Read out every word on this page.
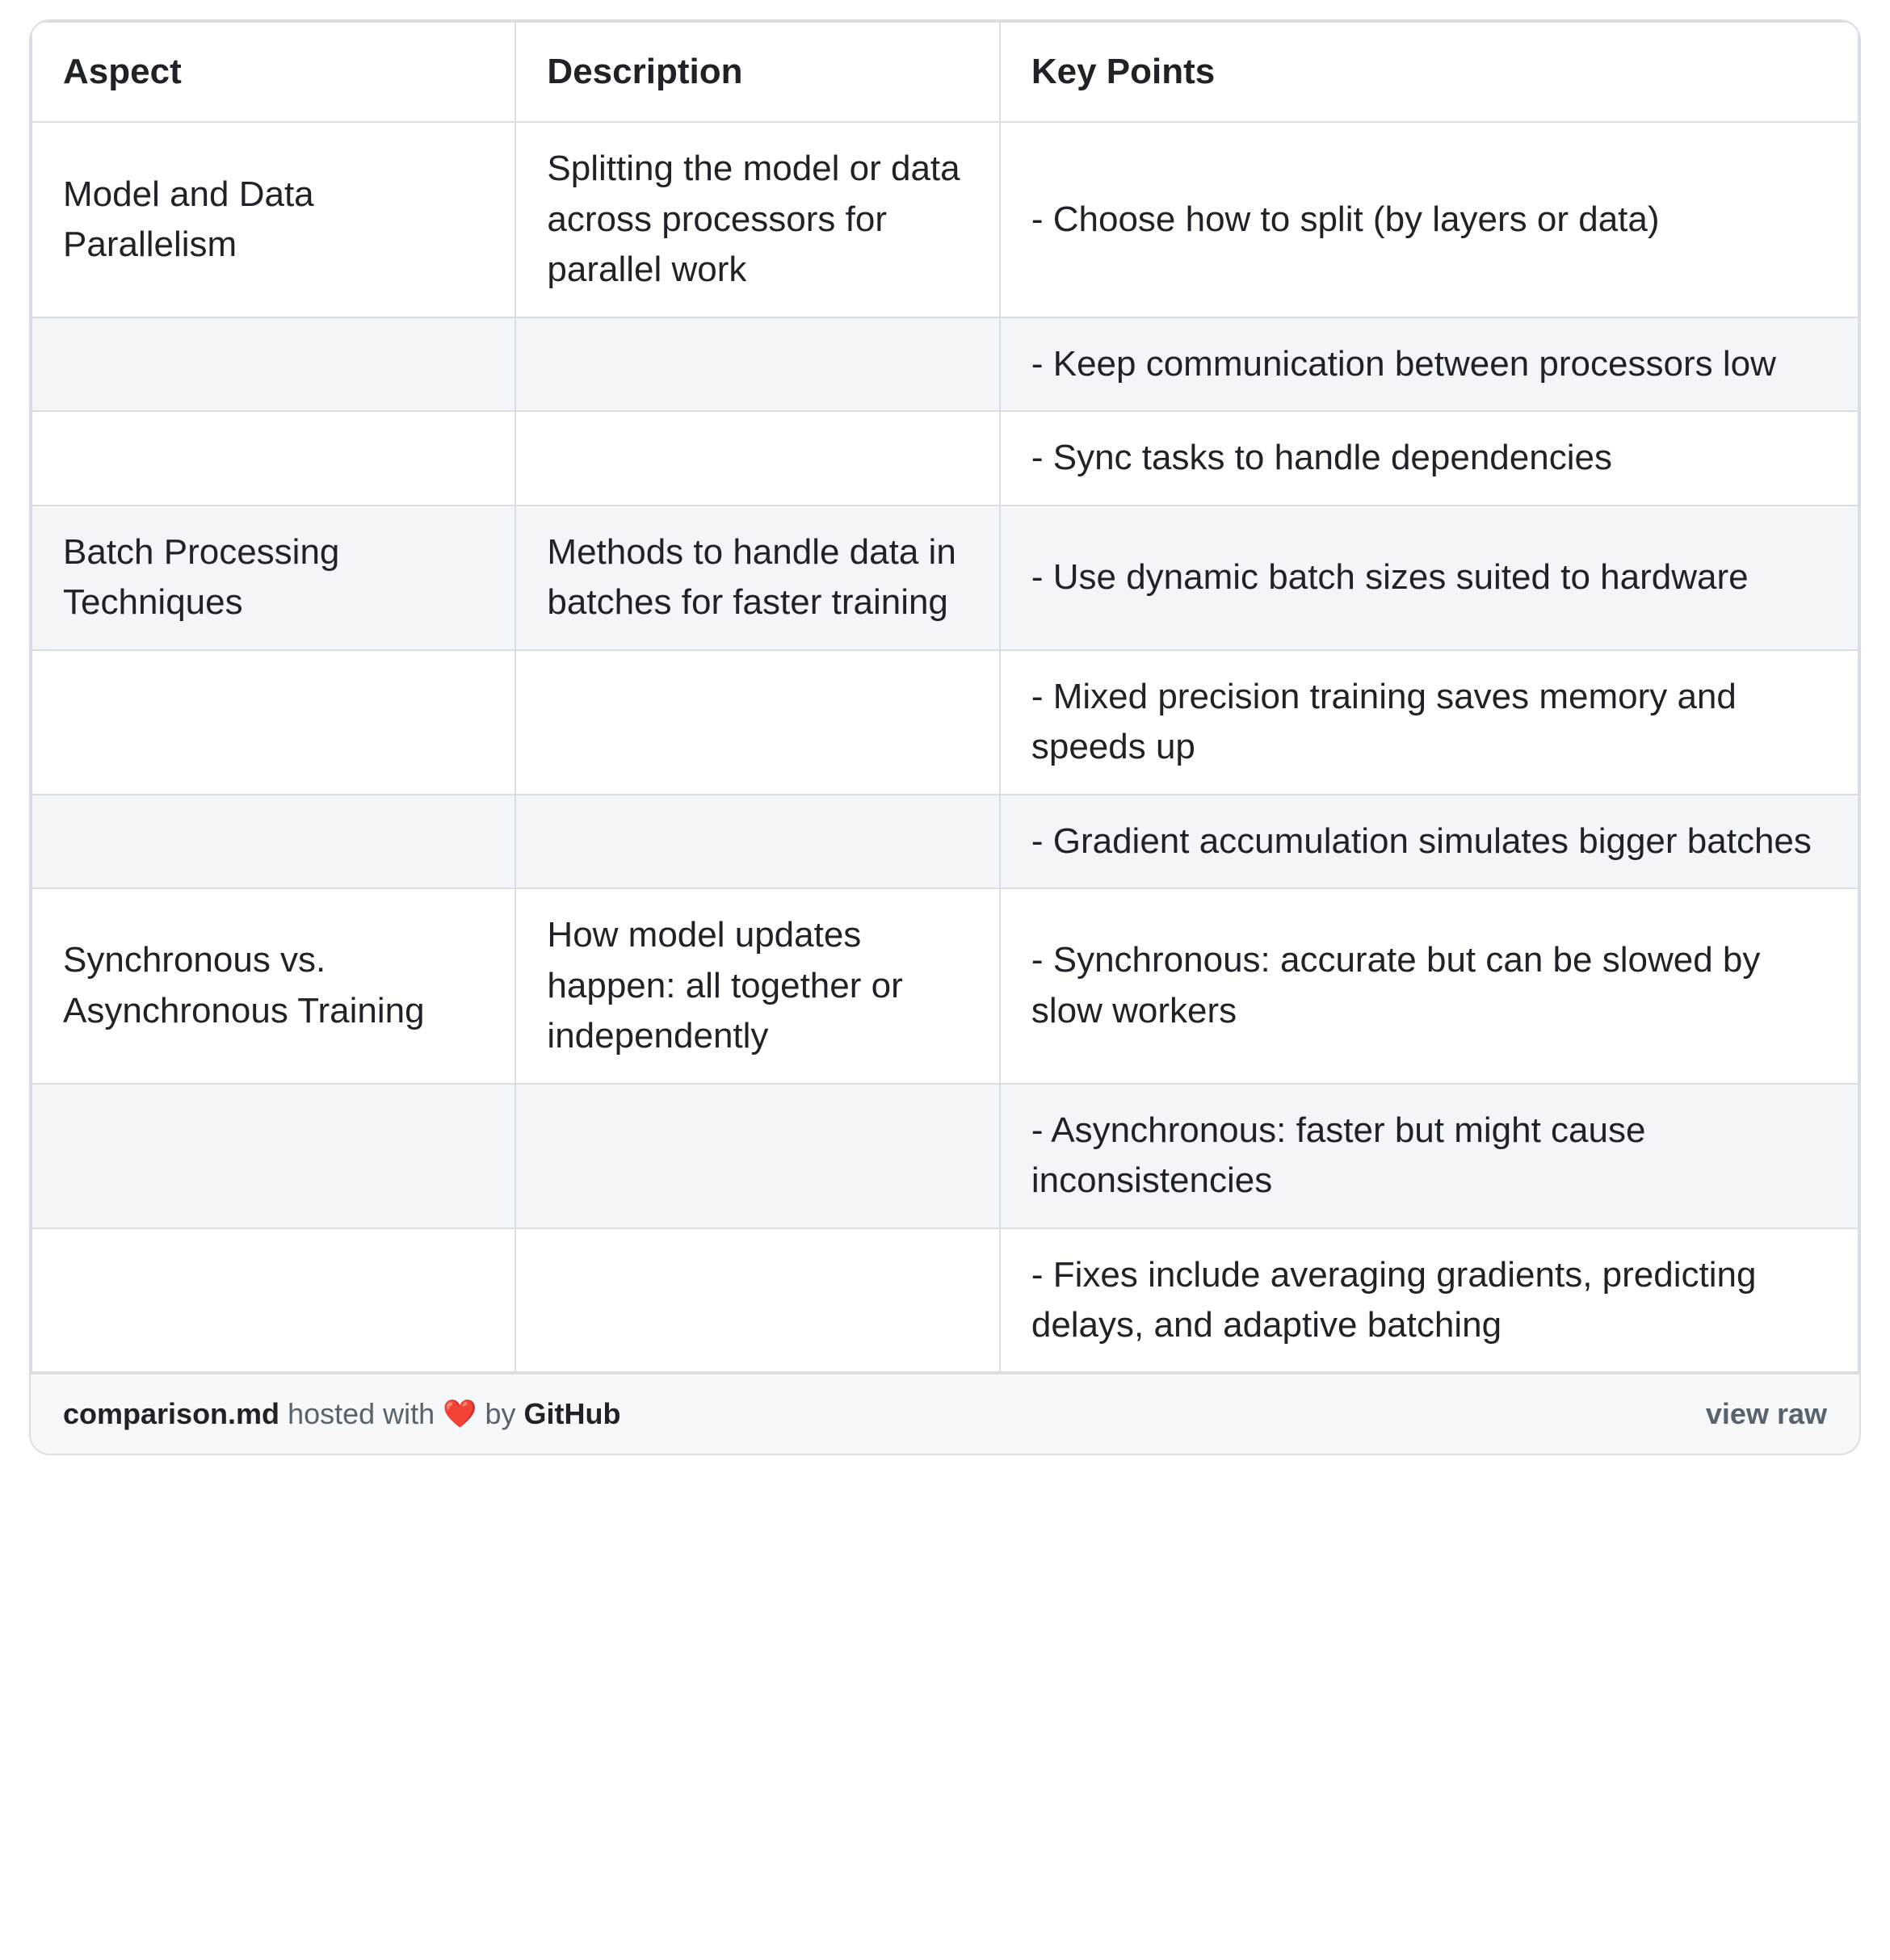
Aspect	Description	Key Points
Model and Data Parallelism	Splitting the model or data across processors for parallel work	- Choose how to split (by layers or data)
		- Keep communication between processors low
		- Sync tasks to handle dependencies
Batch Processing Techniques	Methods to handle data in batches for faster training	- Use dynamic batch sizes suited to hardware
		- Mixed precision training saves memory and speeds up
		- Gradient accumulation simulates bigger batches
Synchronous vs. Asynchronous Training	How model updates happen: all together or independently	- Synchronous: accurate but can be slowed by slow workers
		- Asynchronous: faster but might cause inconsistencies
		- Fixes include averaging gradients, predicting delays, and adaptive batching
comparison.md hosted with ❤️ by GitHub	view raw
